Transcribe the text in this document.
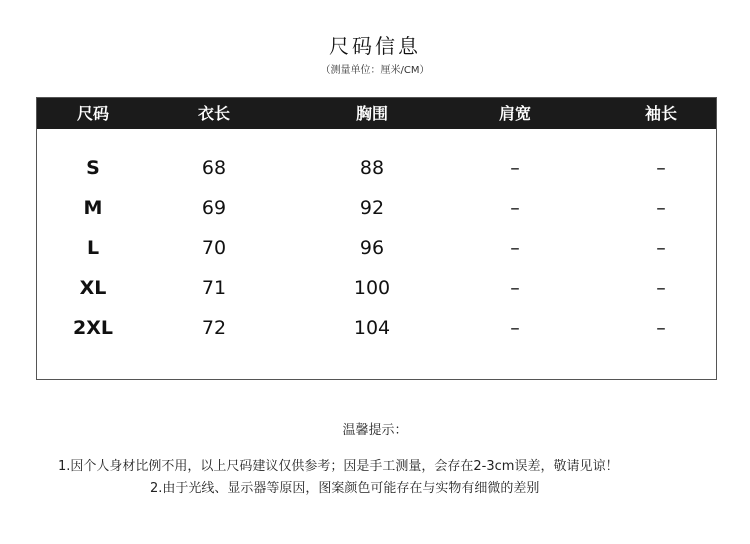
尺码信息
（测量单位：厘米/CM）
尺码	衣长	胸围	肩宽	袖长
S	68	88	–	–
M	69	92	–	–
L	70	96	–	–
XL	71	100	–	–
2XL	72	104	–	–
温馨提示：
1.因个人身材比例不用，以上尺码建议仅供参考；因是手工测量，会存在2-3cm误差，敬请见谅！
2.由于光线、显示器等原因，图案颜色可能存在与实物有细微的差别
